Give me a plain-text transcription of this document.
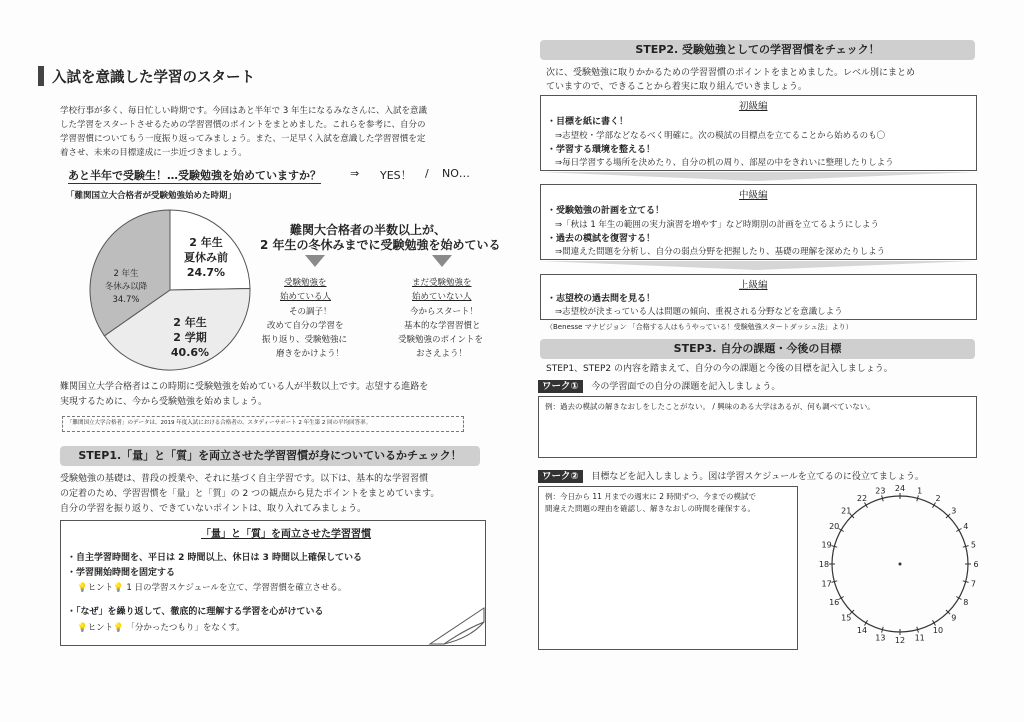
入試を意識した学習のスタート
学校行事が多く、毎日忙しい時期です。今回はあと半年で 3 年生になるみなさんに、入試を意識
した学習をスタートさせるための学習習慣のポイントをまとめました。これらを参考に、自分の
学習習慣についてもう一度振り返ってみましょう。また、一足早く入試を意識した学習習慣を定
着させ、未来の目標達成に一歩近づきましょう。
あと半年で受験生！…受験勉強を始めていますか？	⇒ YES！ / NO…
「難関国立大合格者が受験勉強始めた時期」
2 年生
夏休み前
24.7%
2 年生
2 学期
40.6%
2 年生
冬休み以降
34.7%
難関大合格者の半数以上が、
2 年生の冬休みまでに受験勉強を始めている
受験勉強を
始めている人
その調子！
改めて自分の学習を
振り返り、受験勉強に
磨きをかけよう！
まだ受験勉強を
始めていない人
今からスタート！
基本的な学習習慣と
受験勉強のポイントを
おさえよう！
難関国立大学合格者はこの時期に受験勉強を始めている人が半数以上です。志望する進路を
実現するために、今から受験勉強を始めましょう。
「難関国立大学合格者」のデータは、2019 年度入試における合格者の、スタディーサポート 2 年生第 2 回の平均回答率。
STEP1.「量」と「質」を両立させた学習習慣が身についているかチェック！
受験勉強の基礎は、普段の授業や、それに基づく自主学習です。以下は、基本的な学習習慣
の定着のため、学習習慣を「量」と「質」の 2 つの観点から見たポイントをまとめています。
自分の学習を振り返り、できていないポイントは、取り入れてみましょう。
「量」と「質」を両立させた学習習慣
・自主学習時間を、平日は 2 時間以上、休日は 3 時間以上確保している
・学習開始時間を固定する
💡ヒント💡 1 日の学習スケジュールを立て、学習習慣を確立させる。
・「なぜ」を繰り返して、徹底的に理解する学習を心がけている
💡ヒント💡 「分かったつもり」をなくす。
STEP2. 受験勉強としての学習習慣をチェック！
次に、受験勉強に取りかかるための学習習慣のポイントをまとめました。レベル別にまとめ
ていますので、できることから着実に取り組んでいきましょう。
初級編
・目標を紙に書く！
⇒志望校・学部などなるべく明確に。次の模試の目標点を立てることから始めるのも〇
・学習する環境を整える！
⇒毎日学習する場所を決めたり、自分の机の周り、部屋の中をきれいに整理したりしよう
中級編
・受験勉強の計画を立てる！
⇒「秋は 1 年生の範囲の実力演習を増やす」など時期別の計画を立てるようにしよう
・過去の模試を復習する！
⇒間違えた問題を分析し、自分の弱点分野を把握したり、基礎の理解を深めたりしよう
上級編
・志望校の過去問を見る！
⇒志望校が決まっている人は問題の傾向、重視される分野などを意識しよう
（Benesse マナビジョン 「合格する人はもうやっている！受験勉強スタートダッシュ法」より）
STEP3. 自分の課題・今後の目標
STEP1、STEP2 の内容を踏まえて、自分の今の課題と今後の目標を記入しましょう。
ワーク① 今の学習面での自分の課題を記入しましょう。
例：過去の模試の解きなおしをしたことがない。 / 興味のある大学はあるが、何も調べていない。
ワーク② 目標などを記入しましょう。図は学習スケジュールを立てるのに役立てましょう。
例：今日から 11 月までの週末に 2 時間ずつ、今までの模試で
間違えた問題の理由を確認し、解きなおしの時間を確保する。
24 1
2
3
4
5
6
7
8
9
10
11
12
13
14
15
16
17
18
19
20
21
22
23
